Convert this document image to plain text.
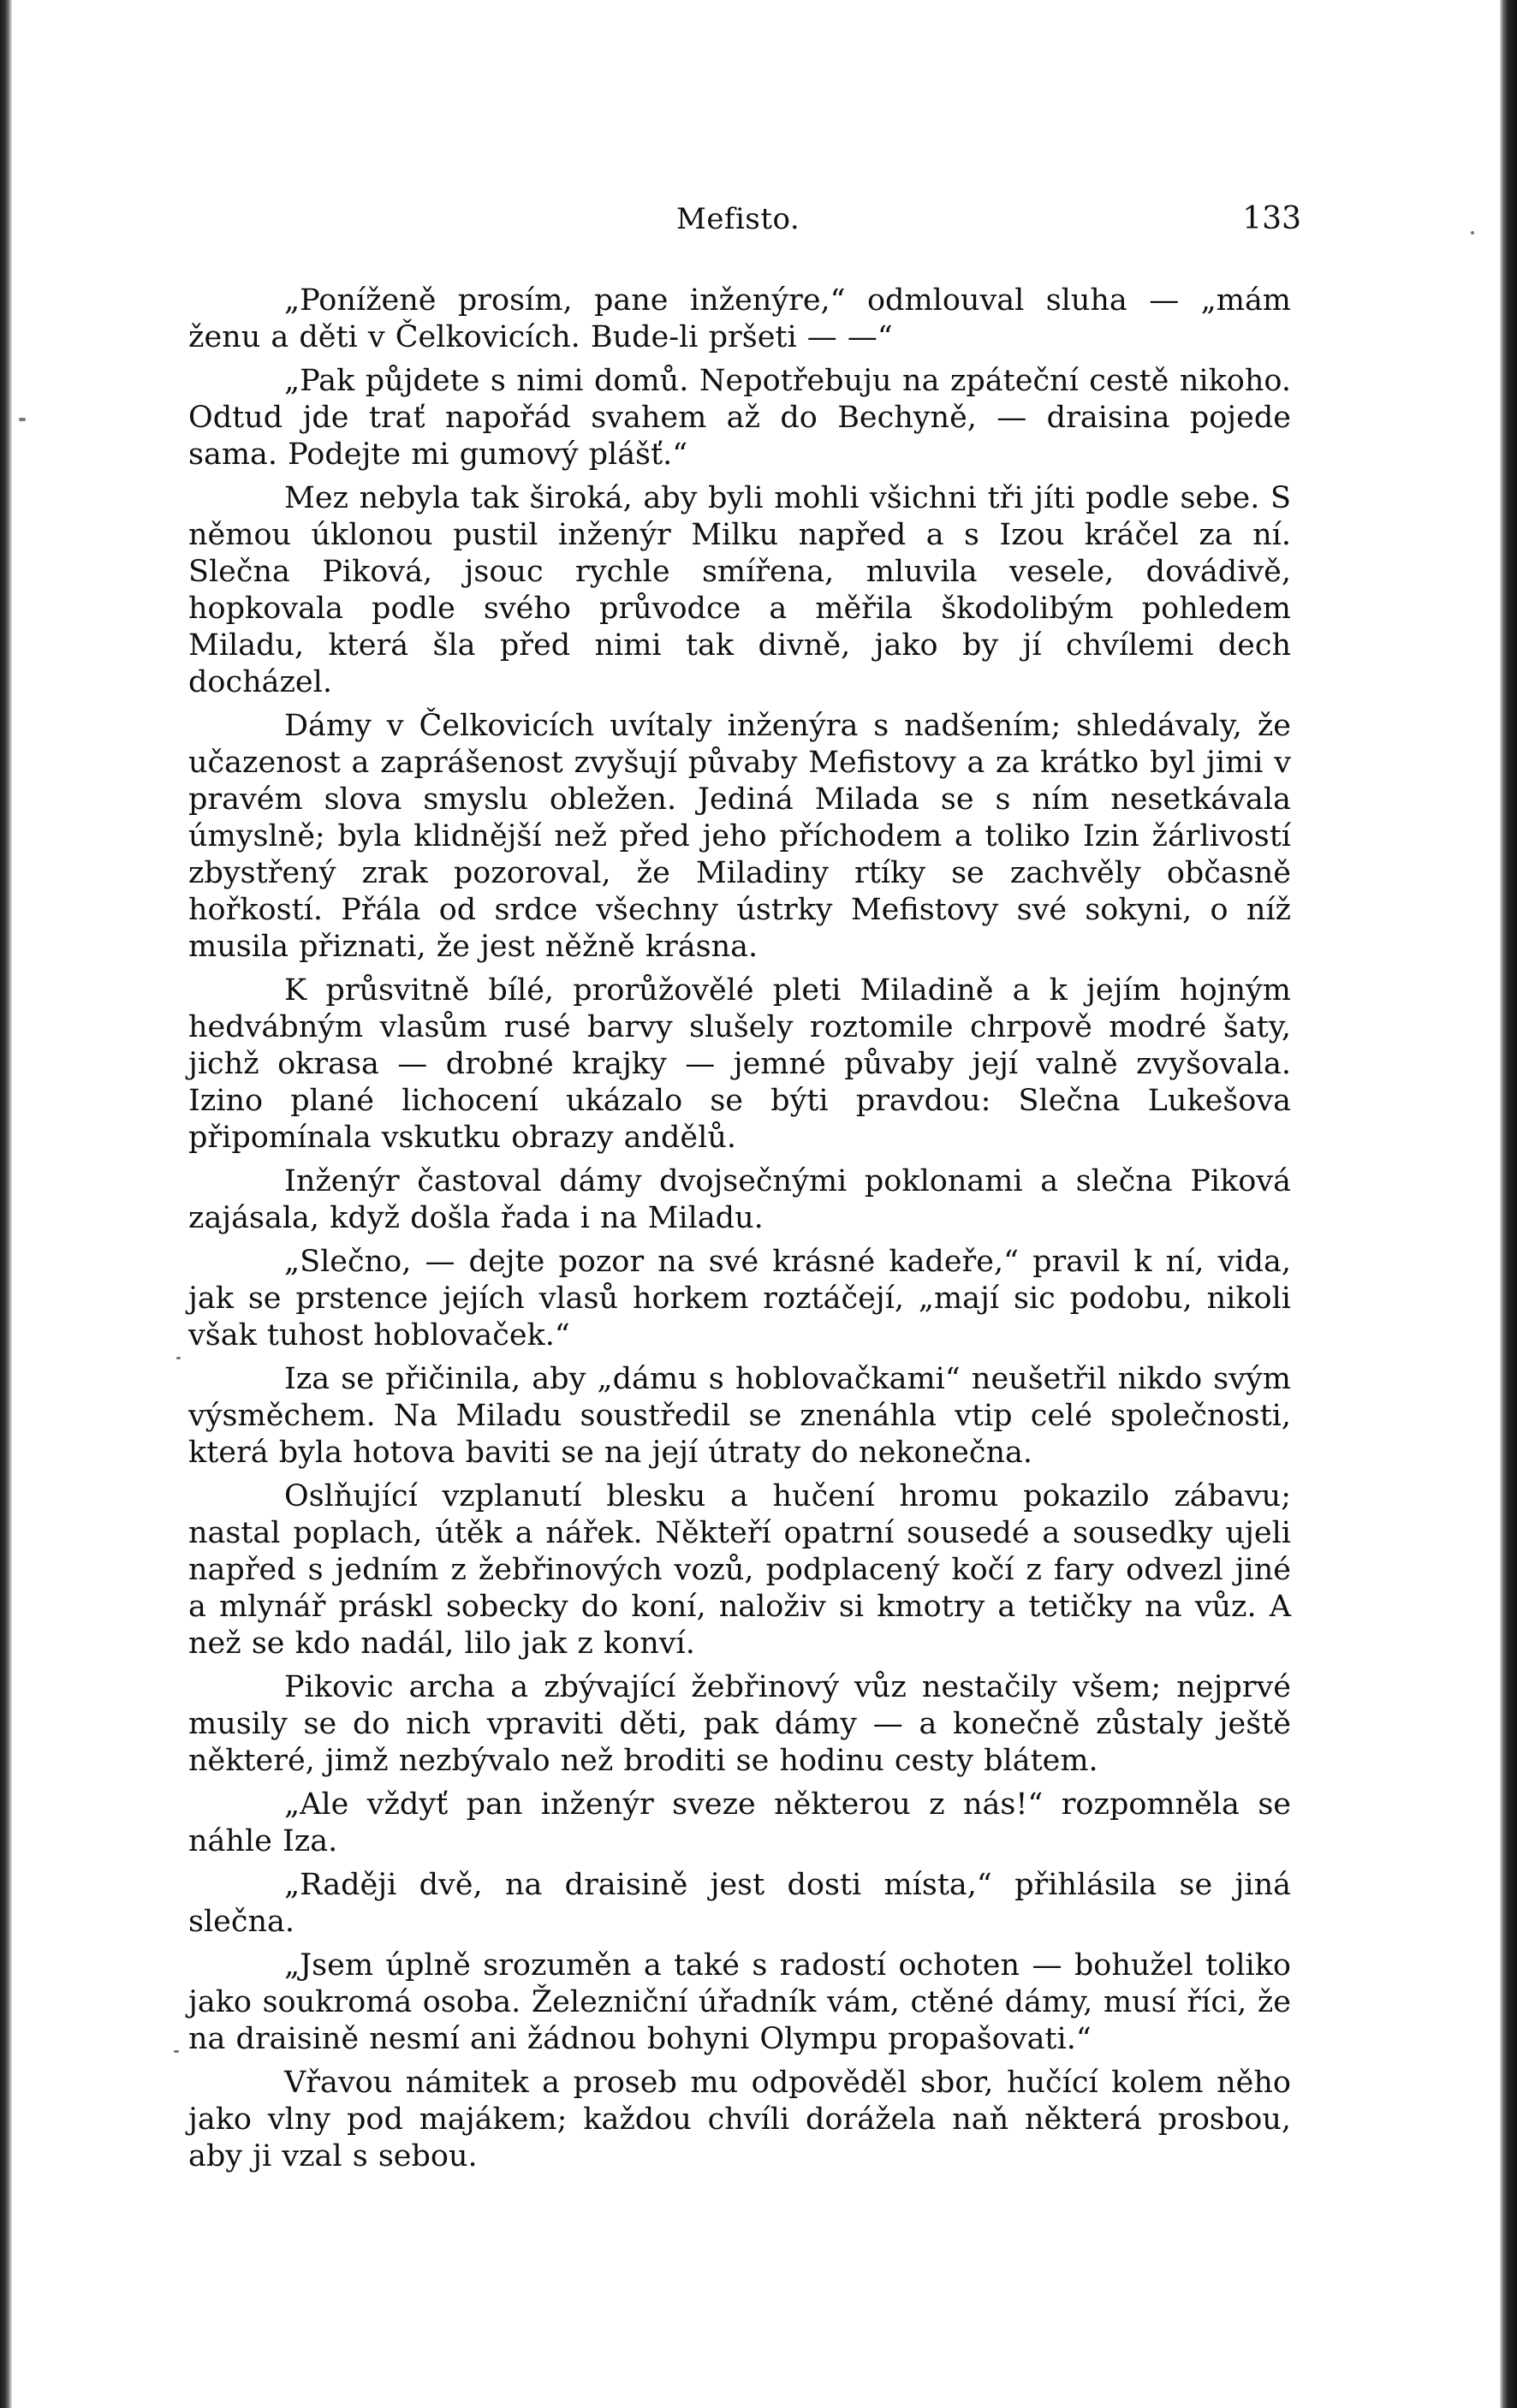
Mefisto.	133

„Poníženě prosím, pane inženýre,“ odmlouval sluha — „mám ženu a děti v Čelkovicích. Bude-li pršeti — —“

„Pak půjdete s nimi domů. Nepotřebuju na zpáteční cestě nikoho. Odtud jde trať napořád svahem až do Bechyně, — draisina pojede sama. Podejte mi gumový plášť.“

Mez nebyla tak široká, aby byli mohli všichni tři jíti podle sebe. S němou úklonou pustil inženýr Milku napřed a s Izou kráčel za ní. Slečna Piková, jsouc rychle smířena, mluvila vesele, dovádivě, hopkovala podle svého průvodce a měřila škodolibým pohledem Miladu, která šla před nimi tak divně, jako by jí chvílemi dech docházel.

Dámy v Čelkovicích uvítaly inženýra s nadšením; shledávaly, že učazenost a zaprášenost zvyšují půvaby Mefistovy a za krátko byl jimi v pravém slova smyslu obležen. Jediná Milada se s ním nesetkávala úmyslně; byla klidnější než před jeho příchodem a toliko Izin žárlivostí zbystřený zrak pozoroval, že Miladiny rtíky se zachvěly občasně hořkostí. Přála od srdce všechny ústrky Mefistovy své sokyni, o níž musila přiznati, že jest něžně krásna.

K průsvitně bílé, prorůžovělé pleti Miladině a k jejím hojným hedvábným vlasům rusé barvy slušely roztomile chrpově modré šaty, jichž okrasa — drobné krajky — jemné půvaby její valně zvyšovala. Izino plané lichocení ukázalo se býti pravdou: Slečna Lukešova připomínala vskutku obrazy andělů.

Inženýr častoval dámy dvojsečnými poklonami a slečna Piková zajásala, když došla řada i na Miladu.

„Slečno, — dejte pozor na své krásné kadeře,“ pravil k ní, vida, jak se prstence jejích vlasů horkem roztáčejí, „mají sic podobu, nikoli však tuhost hoblovaček.“

Iza se přičinila, aby „dámu s hoblovačkami“ neušetřil nikdo svým výsměchem. Na Miladu soustředil se znenáhla vtip celé společnosti, která byla hotova baviti se na její útraty do nekonečna.

Oslňující vzplanutí blesku a hučení hromu pokazilo zábavu; nastal poplach, útěk a nářek. Někteří opatrní sousedé a sousedky ujeli napřed s jedním z žebřinových vozů, podplacený kočí z fary odvezl jiné a mlynář práskl sobecky do koní, naloživ si kmotry a tetičky na vůz. A než se kdo nadál, lilo jak z konví.

Pikovic archa a zbývající žebřinový vůz nestačily všem; nejprvé musily se do nich vpraviti děti, pak dámy — a konečně zůstaly ještě některé, jimž nezbývalo než broditi se hodinu cesty blátem.

„Ale vždyť pan inženýr sveze některou z nás!“ rozpomněla se náhle Iza.

„Raději dvě, na draisině jest dosti místa,“ přihlásila se jiná slečna.

„Jsem úplně srozuměn a také s radostí ochoten — bohužel toliko jako soukromá osoba. Železniční úřadník vám, ctěné dámy, musí říci, že na draisině nesmí ani žádnou bohyni Olympu propašovati.“

Vřavou námitek a proseb mu odpověděl sbor, hučící kolem něho jako vlny pod majákem; každou chvíli dorážela naň některá prosbou, aby ji vzal s sebou.
